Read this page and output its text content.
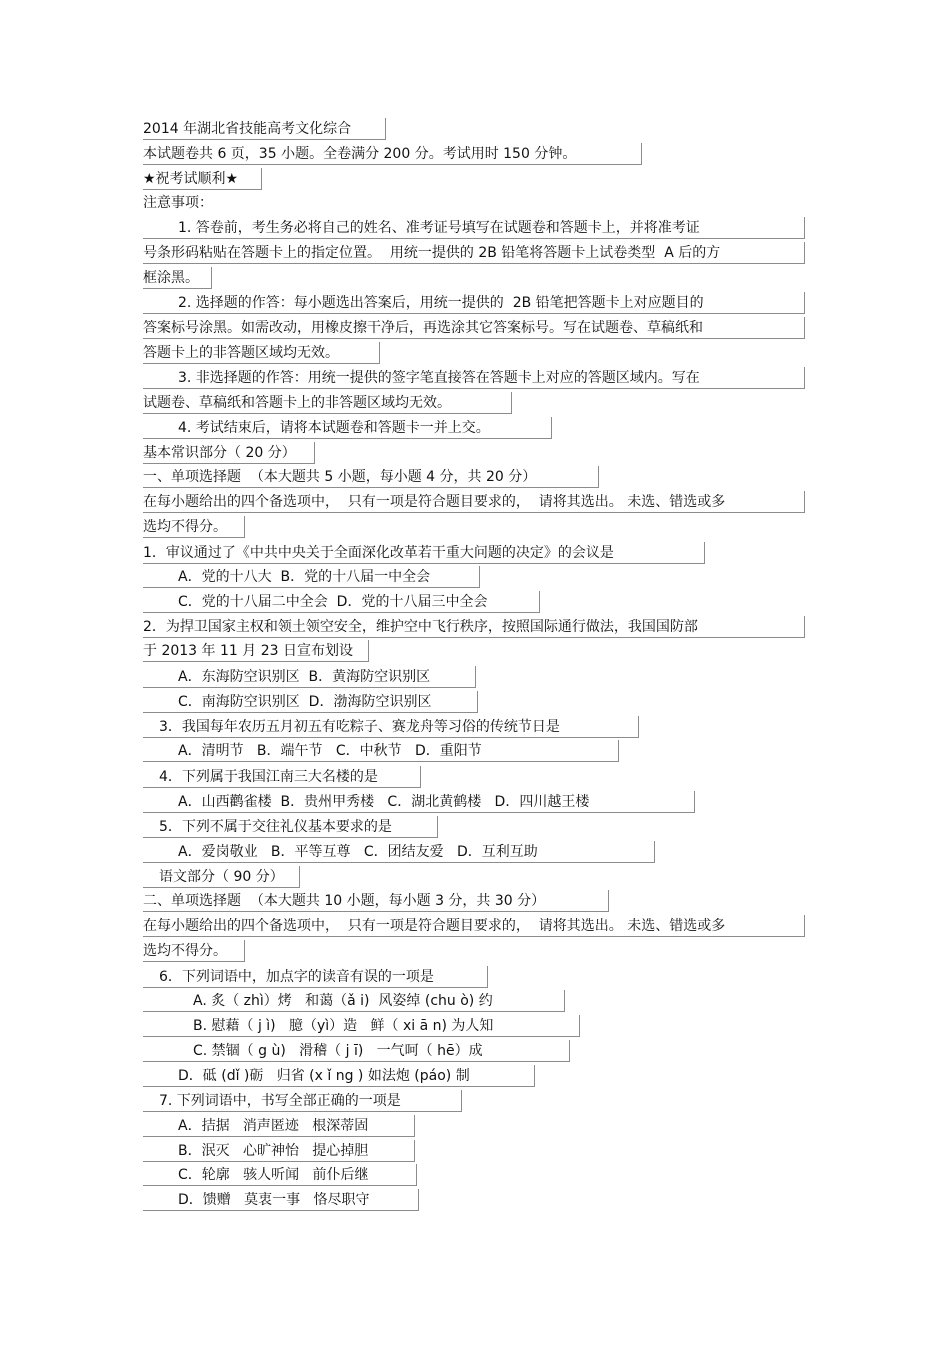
2014 年湖北省技能高考文化综合
本试题卷共 6 页，35 小题。全卷满分 200 分。考试用时 150 分钟。
★祝考试顺利★
注意事项：
1. 答卷前，考生务必将自己的姓名、准考证号填写在试题卷和答题卡上，并将准考证
号条形码粘贴在答题卡上的指定位置。  用统一提供的 2B 铅笔将答题卡上试卷类型  A 后的方
框涂黑。
2. 选择题的作答：每小题选出答案后，用统一提供的  2B 铅笔把答题卡上对应题目的
答案标号涂黑。如需改动，用橡皮擦干净后，再选涂其它答案标号。写在试题卷、草稿纸和
答题卡上的非答题区域均无效。
3. 非选择题的作答：用统一提供的签字笔直接答在答题卡上对应的答题区域内。写在
试题卷、草稿纸和答题卡上的非答题区域均无效。
4. 考试结束后，请将本试题卷和答题卡一并上交。
基本常识部分（ 20 分）
一、单项选择题  （本大题共 5 小题，每小题 4 分，共 20 分）
在每小题给出的四个备选项中，  只有一项是符合题目要求的，  请将其选出。 未选、错选或多
选均不得分。
1．审议通过了《中共中央关于全面深化改革若干重大问题的决定》的会议是
A．党的十八大  B．党的十八届一中全会
C．党的十八届二中全会  D．党的十八届三中全会
2．为捍卫国家主权和领土领空安全，维护空中飞行秩序，按照国际通行做法，我国国防部
于 2013 年 11 月 23 日宣布划设
A．东海防空识别区  B．黄海防空识别区
C．南海防空识别区  D．渤海防空识别区
3．我国每年农历五月初五有吃粽子、赛龙舟等习俗的传统节日是
A．清明节   B．端午节   C．中秋节   D．重阳节
4．下列属于我国江南三大名楼的是
A．山西鹳雀楼  B．贵州甲秀楼   C．湖北黄鹤楼   D．四川越王楼
5．下列不属于交往礼仪基本要求的是
A．爱岗敬业   B．平等互尊   C．团结友爱   D．互利互助
语文部分（ 90 分）
二、单项选择题  （本大题共 10 小题，每小题 3 分，共 30 分）
在每小题给出的四个备选项中，  只有一项是符合题目要求的，  请将其选出。 未选、错选或多
选均不得分。
6．下列词语中，加点字的读音有误的一项是
A. 炙（ zhì）烤   和蔼（ǎ i)  风姿绰 (chu ò) 约
B. 慰藉（ j ì)   臆（yì）造   鲜（ xi ā n) 为人知
C. 禁锢（ g ù)   滑稽（ j ī)   一气呵（ hē）成
D．砥 (dǐ )砺   归省 (x ǐ ng ) 如法炮 (páo) 制
7. 下列词语中，书写全部正确的一项是
A．拮据   消声匿迹   根深蒂固
B．泯灭   心旷神怡   提心掉胆
C．轮廓   骇人听闻   前仆后继
D．馈赠   莫衷一事   恪尽职守
